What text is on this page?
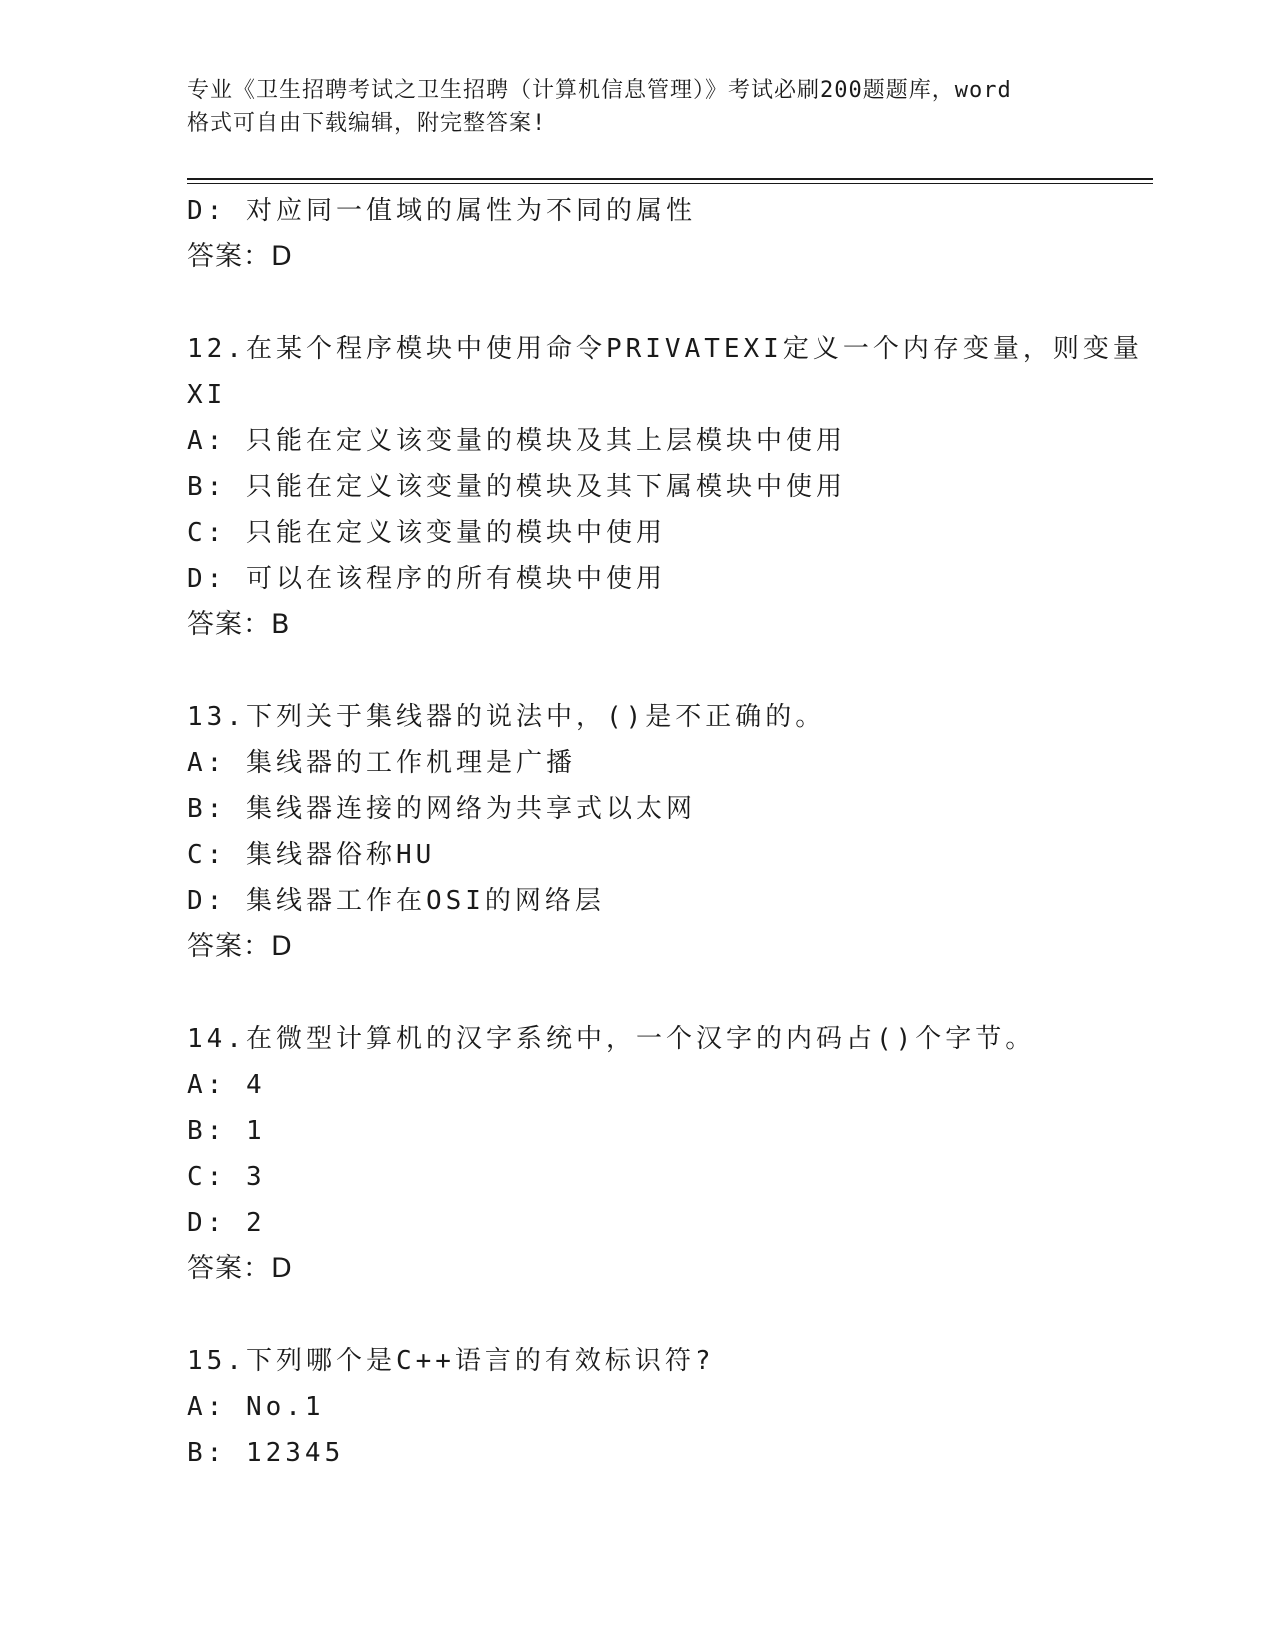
专业《卫生招聘考试之卫生招聘（计算机信息管理）》考试必刷200题题库，word
格式可自由下载编辑，附完整答案!
D: 对应同一值域的属性为不同的属性
答案：D
12.在某个程序模块中使用命令PRIVATEXI定义一个内存变量，则变量
XI
A: 只能在定义该变量的模块及其上层模块中使用
B: 只能在定义该变量的模块及其下属模块中使用
C: 只能在定义该变量的模块中使用
D: 可以在该程序的所有模块中使用
答案：B
13.下列关于集线器的说法中，()是不正确的。
A: 集线器的工作机理是广播
B: 集线器连接的网络为共享式以太网
C: 集线器俗称HU
D: 集线器工作在OSI的网络层
答案：D
14.在微型计算机的汉字系统中，一个汉字的内码占()个字节。
A: 4
B: 1
C: 3
D: 2
答案：D
15.下列哪个是C++语言的有效标识符?
A: No.1
B: 12345
